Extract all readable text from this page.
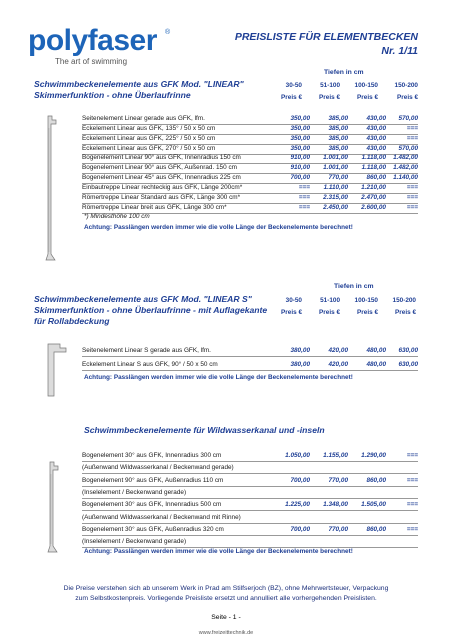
polyfaser ®
The art of swimming
PREISLISTE FÜR ELEMENTBECKEN
Nr. 1/11
Tiefen in cm
Schwimmbeckenelemente aus GFK Mod. "LINEAR"
Skimmerfunktion - ohne Überlaufrinne
30-50	51-100	100-150	150-200
Preis €	Preis €	Preis €	Preis €
Seitenelement Linear gerade aus GFK, lfm.	350,00	385,00	430,00	570,00
Eckelement Linear aus GFK, 135° / 50 x 50 cm	350,00	385,00	430,00	===
Eckelement Linear aus GFK, 225° / 50 x 50 cm	350,00	385,00	430,00	===
Eckelement Linear aus GFK, 270° / 50 x 50 cm	350,00	385,00	430,00	570,00
Bogenelement Linear 90° aus GFK, Innenradius 150 cm	910,00	1.001,00	1.118,00	1.482,00
Bogenelement Linear 90° aus GFK, Außenrad. 150 cm	910,00	1.001,00	1.118,00	1.482,00
Bogenelement Linear 45° aus GFK, Innenradius 225 cm	700,00	770,00	860,00	1.140,00
Einbautreppe Linear rechteckig aus GFK, Länge 200cm*	===	1.110,00	1.210,00	===
Römertreppe Linear Standard aus GFK, Länge 300 cm*	===	2.315,00	2.470,00	===
Römertreppe Linear breit aus GFK, Länge 300 cm*	===	2.450,00	2.600,00	===
*) Mindesthöhe 100 cm
Achtung: Passlängen werden immer wie die volle Länge der Beckenelemente berechnet!
Tiefen in cm
Schwimmbeckenelemente aus GFK Mod. "LINEAR S"
Skimmerfunktion - ohne Überlaufrinne - mit Auflagekante
für Rollabdeckung
30-50	51-100	100-150	150-200
Preis €	Preis €	Preis €	Preis €
Seitenelement Linear S gerade aus GFK, lfm.	380,00	420,00	480,00	630,00
Eckelement Linear S aus GFK, 90° / 50 x 50 cm	380,00	420,00	480,00	630,00
Achtung: Passlängen werden immer wie die volle Länge der Beckenelemente berechnet!
Schwimmbeckenelemente für Wildwasserkanal und -inseln
Bogenelement 30° aus GFK, Innenradius 300 cm	1.050,00	1.155,00	1.290,00	===
(Außenwand Wildwasserkanal / Beckenwand gerade)
Bogenelement 90° aus GFK, Außenradius 110 cm	700,00	770,00	860,00	===
(Inselelement / Beckenwand gerade)
Bogenelement 30° aus GFK, Innenradius 500 cm	1.225,00	1.348,00	1.505,00	===
(Außenwand Wildwasserkanal / Beckenwand mit Rinne)
Bogenelement 30° aus GFK, Außenradius 320 cm	700,00	770,00	860,00	===
(Inselelement / Beckenwand gerade)
Achtung: Passlängen werden immer wie die volle Länge der Beckenelemente berechnet!
Die Preise verstehen sich ab unserem Werk in Prad am Stilfserjoch (BZ), ohne Mehrwertsteuer, Verpackung
zum Selbstkostenpreis. Vorliegende Preisliste ersetzt und annulliert alle vorhergehenden Preislisten.
Seite - 1 -
www.freizeittechnik.de
